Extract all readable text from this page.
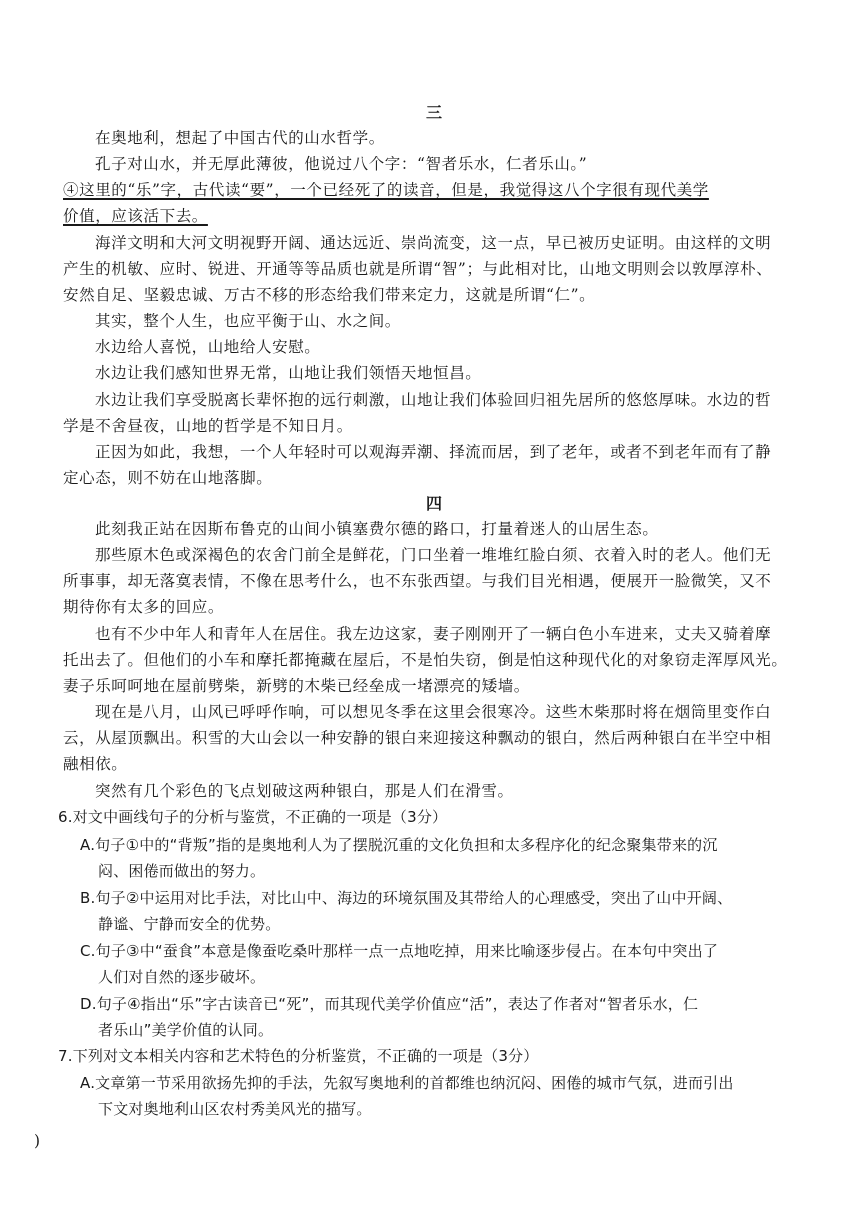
三
在奥地利，想起了中国古代的山水哲学。
孔子对山水，并无厚此薄彼，他说过八个字：“智者乐水，仁者乐山。”
④这里的“乐”字，古代读“要”，一个已经死了的读音，但是，我觉得这八个字很有现代美学
价值，应该活下去。
海洋文明和大河文明视野开阔、通达远近、崇尚流变，这一点，早已被历史证明。由这样的文明
产生的机敏、应时、锐进、开通等等品质也就是所谓“智”；与此相对比，山地文明则会以敦厚淳朴、
安然自足、坚毅忠诚、万古不移的形态给我们带来定力，这就是所谓“仁”。
其实，整个人生，也应平衡于山、水之间。
水边给人喜悦，山地给人安慰。
水边让我们感知世界无常，山地让我们领悟天地恒昌。
水边让我们享受脱离长辈怀抱的远行刺激，山地让我们体验回归祖先居所的悠悠厚味。水边的哲
学是不舍昼夜，山地的哲学是不知日月。
正因为如此，我想，一个人年轻时可以观海弄潮、择流而居，到了老年，或者不到老年而有了静
定心态，则不妨在山地落脚。
四
此刻我正站在因斯布鲁克的山间小镇塞费尔德的路口，打量着迷人的山居生态。
那些原木色或深褐色的农舍门前全是鲜花，门口坐着一堆堆红脸白须、衣着入时的老人。他们无
所事事，却无落寞表情，不像在思考什么，也不东张西望。与我们目光相遇，便展开一脸微笑，又不
期待你有太多的回应。
也有不少中年人和青年人在居住。我左边这家，妻子刚刚开了一辆白色小车进来，丈夫又骑着摩
托出去了。但他们的小车和摩托都掩藏在屋后，不是怕失窃，倒是怕这种现代化的对象窃走浑厚风光。
妻子乐呵呵地在屋前劈柴，新劈的木柴已经垒成一堵漂亮的矮墙。
现在是八月，山风已呼呼作响，可以想见冬季在这里会很寒冷。这些木柴那时将在烟筒里变作白
云，从屋顶飘出。积雪的大山会以一种安静的银白来迎接这种飘动的银白，然后两种银白在半空中相
融相依。
突然有几个彩色的飞点划破这两种银白，那是人们在滑雪。
6.对文中画线句子的分析与鉴赏，不正确的一项是（3分）
A.句子①中的“背叛”指的是奥地利人为了摆脱沉重的文化负担和太多程序化的纪念聚集带来的沉
闷、困倦而做出的努力。
B.句子②中运用对比手法，对比山中、海边的环境氛围及其带给人的心理感受，突出了山中开阔、
静谧、宁静而安全的优势。
C.句子③中“蚕食”本意是像蚕吃桑叶那样一点一点地吃掉，用来比喻逐步侵占。在本句中突出了
人们对自然的逐步破坏。
D.句子④指出“乐”字古读音已“死”，而其现代美学价值应“活”，表达了作者对“智者乐水，仁
者乐山”美学价值的认同。
7.下列对文本相关内容和艺术特色的分析鉴赏，不正确的一项是（3分）
A.文章第一节采用欲扬先抑的手法，先叙写奥地利的首都维也纳沉闷、困倦的城市气氛，进而引出
下文对奥地利山区农村秀美风光的描写。
)
